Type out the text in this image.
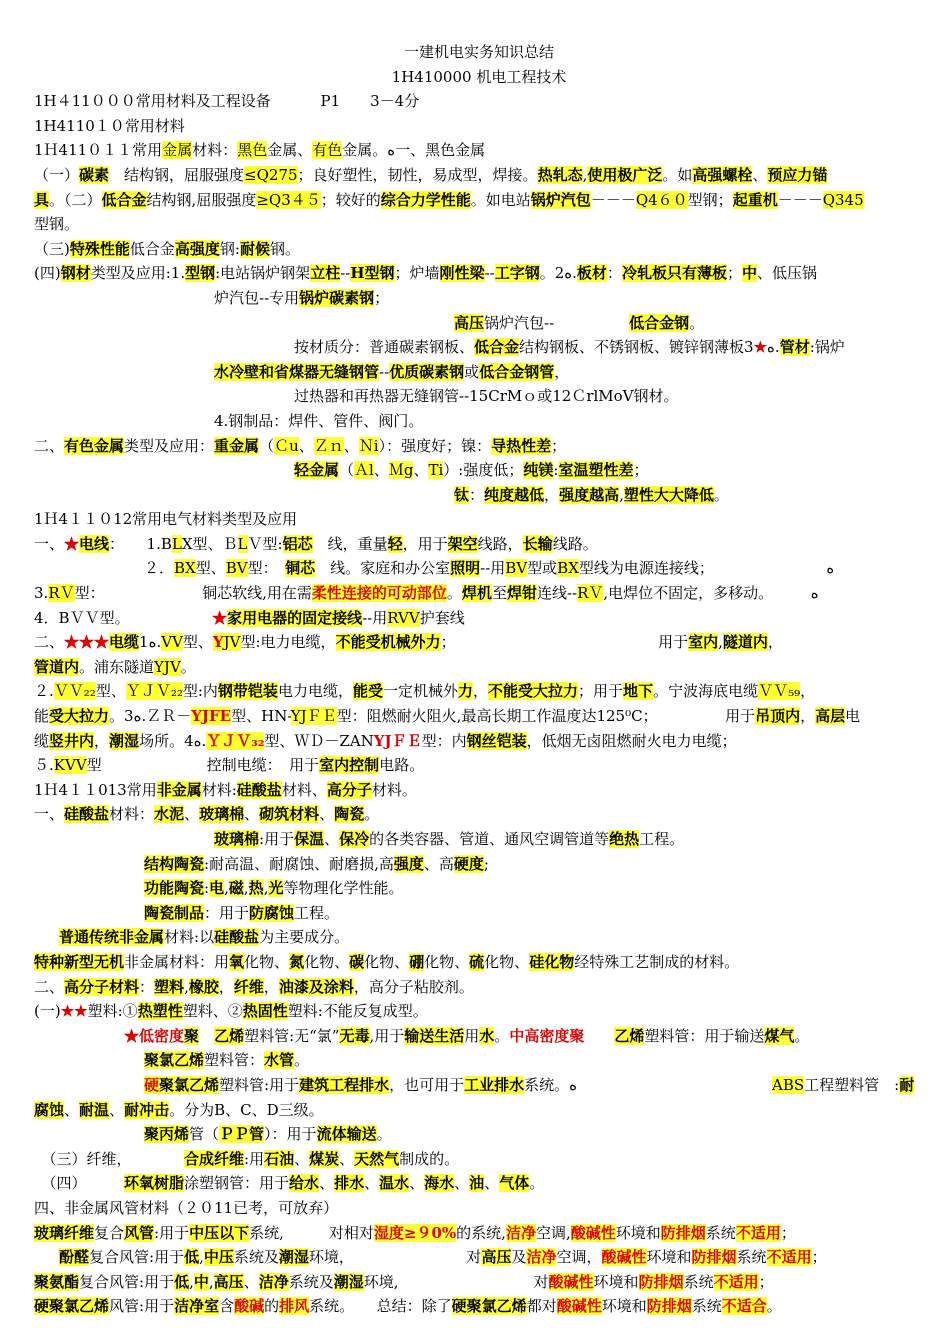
一建机电实务知识总结
1H410000 机电工程技术
1H４11０００常用材料及工程设备　　　 P1　　3－4分
1H4110１０常用材料
1Ｈ411０１１常用金属材料：黑色金属、有色金属。ه一、黑色金属
（一）碳素　结构钢，屈服强度≤Q275；良好塑性，韧性，易成型，焊接。热轧态,使用极广泛。如高强螺栓、预应力锚
具。（二）低合金结构钢,屈服强度≥Q3４５；较好的综合力学性能。如电站锅炉汽包－－－Q4６０型钢；起重机－－－Q345
型钢。
（三)特殊性能低合金高强度钢:耐候钢。
(四)钢材类型及应用:1.型钢:电站锅炉钢架立柱--H型钢；炉墙刚性梁--工字钢。2ه.板材：冷轧板只有薄板；中、低压锅
炉汽包--专用锅炉碳素钢；
高压锅炉汽包--　　　　　低合金钢。
按材质分：普通碳素钢板、低合金结构钢板、不锈钢板、镀锌钢薄板ه★3.管材:锅炉
水冷壁和省煤器无缝钢管--优质碳素钢或低合金钢管，
过热器和再热器无缝钢管--15CrMｏ或12ＣrlMoV钢材。
4.钢制品：焊件、管件、阀门。
二、有色金属类型及应用：重金属（Ｃu、Ｚｎ、Ｎi）：强度好；镍：导热性差；
轻金属（Ａl、Ｍg、Ti）:强度低；纯镁:室温塑性差；
钛：纯度越低，强度越高,塑性大大降低。
1Ｈ4１１０12常用电气材料类型及应用
一、★电线：　　1.BLX型、ＢLＶ型:铝芯　线，重量轻，用于架空线路，长输线路。
２．BX型、BV型：　铜芯　线。家庭和办公室照明--用BV型或BX型线为电源连接线；　　　　　　　　ه
3.RＶ型：　　　　　　　铜芯软线,用在需柔性连接的可动部位。焊机至焊钳连线--RＶ,电焊位不固定，多移动。　　　ه
4．BＶＶ型。　　　　　　★家用电器的固定接线--用RVV护套线
二、★★★电缆1ه.VV型、YJV型:电力电缆，不能受机械外力；　　　　　　　　　　　　　　用于室内,隧道内，
管道内。浦东隧道YJV。
２.ＶＶ₂₂型、ＹＪＶ₂₂型:内钢带铠装电力电缆，能受一定机械外力，不能受大拉力；用于地下。宁波海底电缆ＶＶ₅₉，
能受大拉力。3ه.ＺＲ－YJFE型、HN-YJＦＥ型：阻燃耐火阻火,最高长期工作温度达125⁰C；　　　　　用于吊顶内，高层电
缆竖井内，潮湿场所。4ه.ＹＪＶ₃₂型、ＷＤ－ZANYJＦＥ型：内钢丝铠装，低烟无卤阻燃耐火电力电缆；
５.KVV型　　　　　　　控制电缆：　用于室内控制电路。
1Ｈ4１１013常用非金属材料:硅酸盐材料、高分子材料。
一、硅酸盐材料：水泥、玻璃棉、砌筑材料、陶瓷。
玻璃棉:用于保温、保冷的各类容器、管道、通风空调管道等绝热工程。
结构陶瓷:耐高温、耐腐蚀、耐磨损,高强度、高硬度;
功能陶瓷:电,磁,热,光等物理化学性能。
陶瓷制品：用于防腐蚀工程。
普通传统非金属材料:以硅酸盐为主要成分。
特种新型无机非金属材料：用氧化物、氮化物、碳化物、硼化物、硫化物、硅化物经特殊工艺制成的材料。
二、高分子材料：塑料,橡胶，纤维，油漆及涂料，高分子粘胶剂。
(一)★★塑料:①热塑性塑料、②热固性塑料:不能反复成型。
　　　　　　★低密度聚　 乙烯塑料管:无“氯”无毒,用于输送生活用水。中高密度聚　　 乙烯塑料管：用于输送煤气。
聚氯乙烯塑料管：水管。
硬聚氯乙烯塑料管:用于建筑工程排水，也可用于工业排水系统。ه　　　　　　　　　　　　　ABS工程塑料管　:耐
腐蚀、耐温、耐冲击。分为B、C、D三级。
聚丙烯管（ＰＰ管）：用于流体输送。
　（三）纤维，　　　　合成纤维:用石油、煤炭、天然气制成的。
　（四）　　　环氧树脂涂塑钢管：用于给水、排水、温水、海水、油、气体。
四、非金属风管材料（２０11已考，可放弃）
玻璃纤维复合风管:用于中压以下系统,　　　对相对湿度≥９0%的系统,洁净空调,酸碱性环境和防排烟系统不适用；
酚醛复合风管:用于低,中压系统及潮湿环境，　　　　　　　　对高压及洁净空调，酸碱性环境和防排烟系统不适用；
聚氨酯复合风管:用于低,中,高压、洁净系统及潮湿环境,　　　　　　　　　对酸碱性环境和防排烟系统不适用；
硬聚氯乙烯风管:用于洁净室含酸碱的排风系统。　　总结：除了硬聚氯乙烯都对酸碱性环境和防排烟系统不适合。
